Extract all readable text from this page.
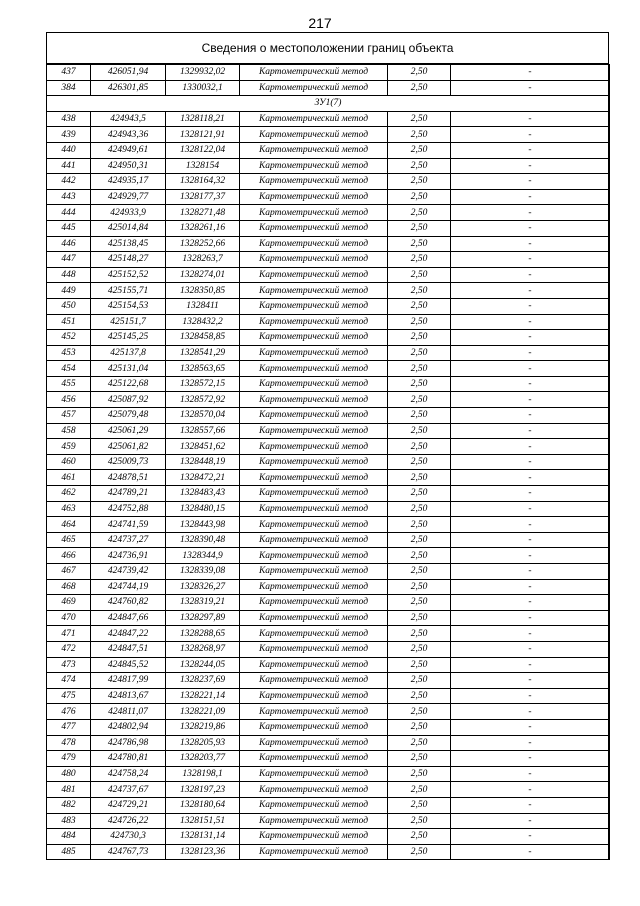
217
Сведения о местоположении границ объекта
437	426051,94	1329932,02	Картометрический метод	2,50	-
384	426301,85	1330032,1	Картометрический метод	2,50	-
ЗУ1(7)					
438	424943,5	1328118,21	Картометрический метод	2,50	-
439	424943,36	1328121,91	Картометрический метод	2,50	-
440	424949,61	1328122,04	Картометрический метод	2,50	-
441	424950,31	1328154	Картометрический метод	2,50	-
442	424935,17	1328164,32	Картометрический метод	2,50	-
443	424929,77	1328177,37	Картометрический метод	2,50	-
444	424933,9	1328271,48	Картометрический метод	2,50	-
445	425014,84	1328261,16	Картометрический метод	2,50	-
446	425138,45	1328252,66	Картометрический метод	2,50	-
447	425148,27	1328263,7	Картометрический метод	2,50	-
448	425152,52	1328274,01	Картометрический метод	2,50	-
449	425155,71	1328350,85	Картометрический метод	2,50	-
450	425154,53	1328411	Картометрический метод	2,50	-
451	425151,7	1328432,2	Картометрический метод	2,50	-
452	425145,25	1328458,85	Картометрический метод	2,50	-
453	425137,8	1328541,29	Картометрический метод	2,50	-
454	425131,04	1328563,65	Картометрический метод	2,50	-
455	425122,68	1328572,15	Картометрический метод	2,50	-
456	425087,92	1328572,92	Картометрический метод	2,50	-
457	425079,48	1328570,04	Картометрический метод	2,50	-
458	425061,29	1328557,66	Картометрический метод	2,50	-
459	425061,82	1328451,62	Картометрический метод	2,50	-
460	425009,73	1328448,19	Картометрический метод	2,50	-
461	424878,51	1328472,21	Картометрический метод	2,50	-
462	424789,21	1328483,43	Картометрический метод	2,50	-
463	424752,88	1328480,15	Картометрический метод	2,50	-
464	424741,59	1328443,98	Картометрический метод	2,50	-
465	424737,27	1328390,48	Картометрический метод	2,50	-
466	424736,91	1328344,9	Картометрический метод	2,50	-
467	424739,42	1328339,08	Картометрический метод	2,50	-
468	424744,19	1328326,27	Картометрический метод	2,50	-
469	424760,82	1328319,21	Картометрический метод	2,50	-
470	424847,66	1328297,89	Картометрический метод	2,50	-
471	424847,22	1328288,65	Картометрический метод	2,50	-
472	424847,51	1328268,97	Картометрический метод	2,50	-
473	424845,52	1328244,05	Картометрический метод	2,50	-
474	424817,99	1328237,69	Картометрический метод	2,50	-
475	424813,67	1328221,14	Картометрический метод	2,50	-
476	424811,07	1328221,09	Картометрический метод	2,50	-
477	424802,94	1328219,86	Картометрический метод	2,50	-
478	424786,98	1328205,93	Картометрический метод	2,50	-
479	424780,81	1328203,77	Картометрический метод	2,50	-
480	424758,24	1328198,1	Картометрический метод	2,50	-
481	424737,67	1328197,23	Картометрический метод	2,50	-
482	424729,21	1328180,64	Картометрический метод	2,50	-
483	424726,22	1328151,51	Картометрический метод	2,50	-
484	424730,3	1328131,14	Картометрический метод	2,50	-
485	424767,73	1328123,36	Картометрический метод	2,50	-
